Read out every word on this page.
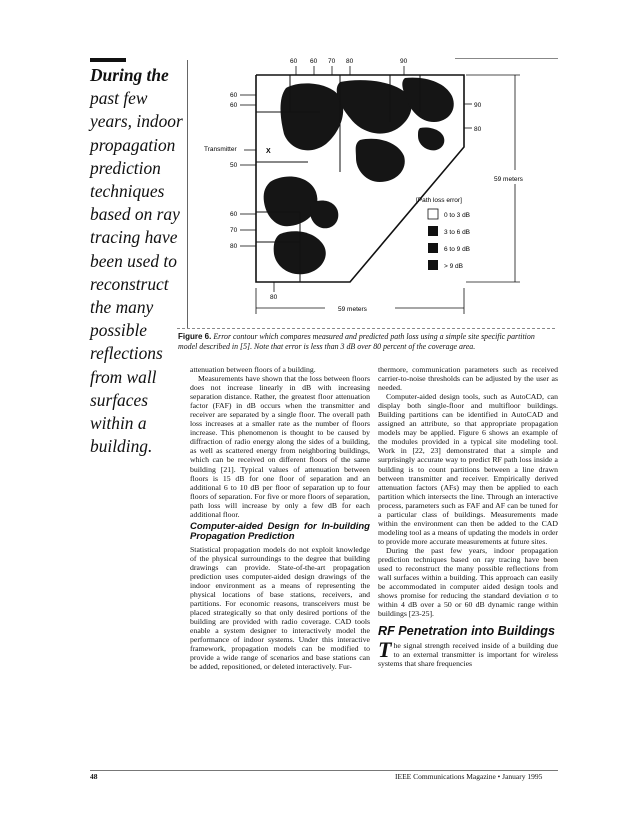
During the
past few
years, indoor
propagation
prediction
techniques
based on ray
tracing have
been used to
reconstruct
the many
possible
reflections
from wall
surfaces
within a
building.
Transmitter	X
60 60 70 80	90
60
60
50
60
70
80
90
80
80
59 meters
59 meters
[Path loss error]
0 to 3 dB
3 to 6 dB
6 to 9 dB
> 9 dB
Figure 6. Error contour which compares measured and predicted path loss using a simple site specific partition model described in [5]. Note that error is less than 3 dB over 80 percent of the coverage area.

attenuation between floors of a building.

Measurements have shown that the loss between floors does not increase linearly in dB with increasing separation distance. Rather, the greatest floor attenuation factor (FAF) in dB occurs when the transmitter and receiver are separated by a single floor. The overall path loss increases at a smaller rate as the number of floors increase. This phenomenon is thought to be caused by diffraction of radio energy along the sides of a building, as well as scattered energy from neighboring buildings, which can be received on different floors of the same building [21]. Typical values of attenuation between floors is 15 dB for one floor of separation and an additional 6 to 10 dB per floor of separation up to four floors of separation. For five or more floors of separation, path loss will increase by only a few dB for each additional floor.

Computer-aided Design for In-building Propagation Prediction

Statistical propagation models do not exploit knowledge of the physical surroundings to the degree that building drawings can provide. State-of-the-art propagation prediction uses computer-aided design drawings of the indoor environment as a means of representing the physical locations of base stations, receivers, and partitions. For economic reasons, transceivers must be placed strategically so that only desired portions of the building are provided with radio coverage. CAD tools enable a system designer to interactively model the performance of indoor systems. Under this interactive framework, propagation models can be modified to provide a wide range of scenarios and base stations can be added, repositioned, or deleted interactively. Fur-

thermore, communication parameters such as received carrier-to-noise thresholds can be adjusted by the user as needed.

Computer-aided design tools, such as AutoCAD, can display both single-floor and multifloor buildings. Building partitions can be identified in AutoCAD and assigned an attribute, so that appropriate propagation models may be applied. Figure 6 shows an example of the modules provided in a typical site modeling tool. Work in [22, 23] demonstrated that a simple and surprisingly accurate way to predict RF path loss inside a building is to count partitions between a line drawn between transmitter and receiver. Empirically derived attenuation factors (AFs) may then be applied to each partition which intersects the line. Through an interactive process, parameters such as FAF and AF can be tuned for a particular class of buildings. Measurements made within the environment can then be added to the CAD modeling tool as a means of updating the models in order to provide more accurate measurements at future sites.

During the past few years, indoor propagation prediction techniques based on ray tracing have been used to reconstruct the many possible reflections from wall surfaces within a building. This approach can easily be accommodated in computer aided design tools and shows promise for reducing the standard deviation σ to within 4 dB over a 50 or 60 dB dynamic range within buildings [23-25].

RF Penetration into Buildings

The signal strength received inside of a building due to an external transmitter is important for wireless systems that share frequencies

48	IEEE Communications Magazine • January 1995
